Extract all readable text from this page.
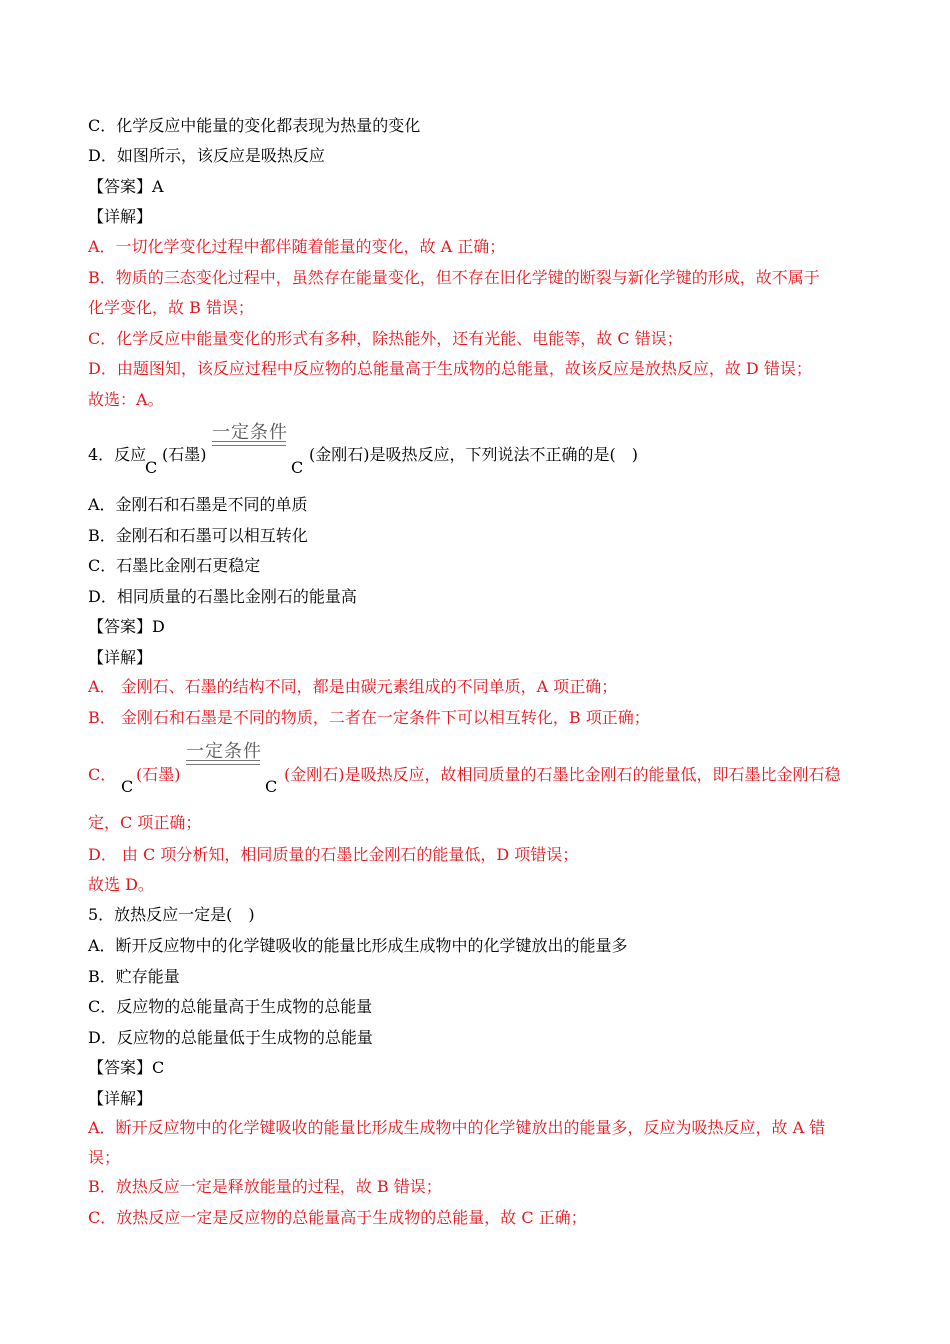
C．化学反应中能量的变化都表现为热量的变化
D．如图所示，该反应是吸热反应
【答案】A
【详解】
A．一切化学变化过程中都伴随着能量的变化，故 A 正确；
B．物质的三态变化过程中，虽然存在能量变化，但不存在旧化学键的断裂与新化学键的形成，故不属于
化学变化，故 B 错误；
C．化学反应中能量变化的形式有多种，除热能外，还有光能、电能等，故 C 错误；
D．由题图知，该反应过程中反应物的总能量高于生成物的总能量，故该反应是放热反应，故 D 错误；
故选：A。
4．反应
C
(石墨)
一定条件
C
(金刚石)是吸热反应，下列说法不正确的是(　)
A．金刚石和石墨是不同的单质
B．金刚石和石墨可以相互转化
C．石墨比金刚石更稳定
D．相同质量的石墨比金刚石的能量高
【答案】D
【详解】
A． 金刚石、石墨的结构不同，都是由碳元素组成的不同单质，A 项正确；
B． 金刚石和石墨是不同的物质，二者在一定条件下可以相互转化，B 项正确；
C．
C
(石墨)
一定条件
C
(金刚石)是吸热反应，故相同质量的石墨比金刚石的能量低，即石墨比金刚石稳
定，C 项正确；
D． 由 C 项分析知，相同质量的石墨比金刚石的能量低，D 项错误；
故选 D。
5．放热反应一定是(　)
A．断开反应物中的化学键吸收的能量比形成生成物中的化学键放出的能量多
B．贮存能量
C．反应物的总能量高于生成物的总能量
D．反应物的总能量低于生成物的总能量
【答案】C
【详解】
A．断开反应物中的化学键吸收的能量比形成生成物中的化学键放出的能量多，反应为吸热反应，故 A 错
误；
B．放热反应一定是释放能量的过程，故 B 错误；
C．放热反应一定是反应物的总能量高于生成物的总能量，故 C 正确；
